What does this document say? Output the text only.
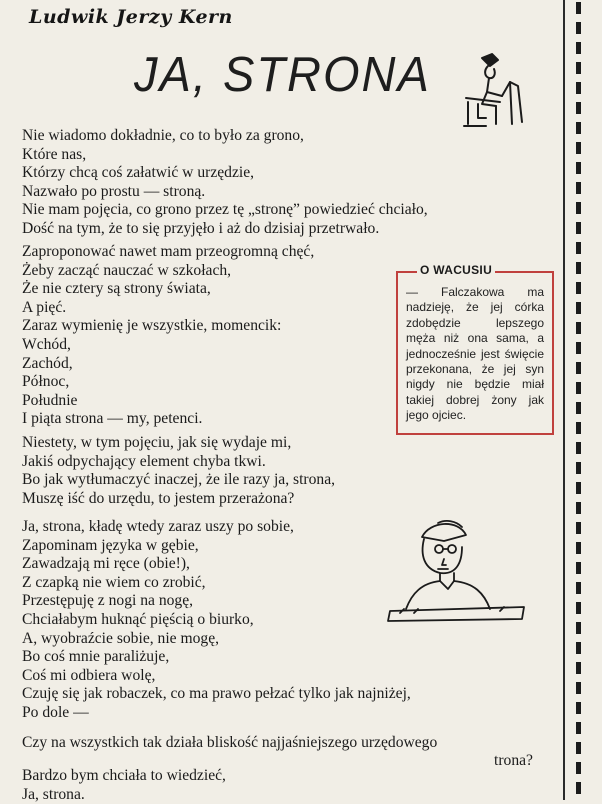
Ludwik Jerzy Kern
JA, STRONA
Nie wiadomo dokładnie, co to było za grono,
Które nas,
Którzy chcą coś załatwić w urzędzie,
Nazwało po prostu — stroną.
Nie mam pojęcia, co grono przez tę „stronę” powiedzieć chciało,
Dość na tym, że to się przyjęło i aż do dzisiaj przetrwało.
Zaproponować nawet mam przeogromną chęć,
Żeby zacząć nauczać w szkołach,
Że nie cztery są strony świata,
A pięć.
Zaraz wymienię je wszystkie, momencik:
Wchód,
Zachód,
Północ,
Południe
I piąta strona — my, petenci.
Niestety, w tym pojęciu, jak się wydaje mi,
Jakiś odpychający element chyba tkwi.
Bo jak wytłumaczyć inaczej, że ile razy ja, strona,
Muszę iść do urzędu, to jestem przerażona?
Ja, strona, kładę wtedy zaraz uszy po sobie,
Zapominam języka w gębie,
Zawadzają mi ręce (obie!),
Z czapką nie wiem co zrobić,
Przestępuję z nogi na nogę,
Chciałabym huknąć pięścią o biurko,
A, wyobraźcie sobie, nie mogę,
Bo coś mnie paraliżuje,
Coś mi odbiera wolę,
Czuję się jak robaczek, co ma prawo pełzać tylko jak najniżej,
Po dole —
Czy na wszystkich tak działa bliskość najjaśniejszego urzędowego
trona?
Bardzo bym chciała to wiedzieć,
Ja, strona.
O WACUSIU
— Falczakowa ma nadzieję, że jej córka zdobędzie lepszego męża niż ona sama, a jednocześnie jest święcie przekonana, że jej syn nigdy nie będzie miał takiej dobrej żony jak jego ojciec.
